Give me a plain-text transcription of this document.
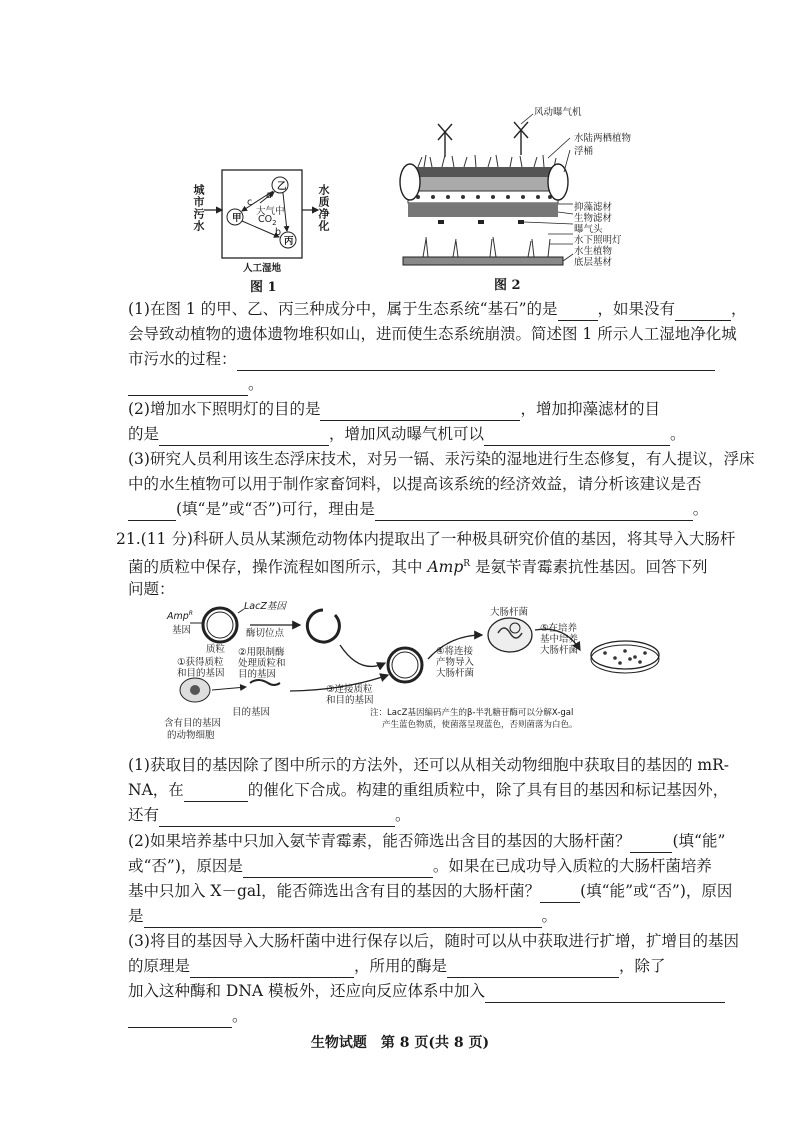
城市污水	水质净化
乙
甲
丙
大气中
$CO_2$
a
b
c
人工湿地
图 1
风动曝气机
水陆两栖植物
浮桶
抑藻滤材
生物滤材
曝气头
水下照明灯
水生植物
底层基材
图 2
(1)在图 1 的甲、乙、丙三种成分中，属于生态系统“基石”的是	，如果没有	，
会导致动植物的遗体遗物堆积如山，进而使生态系统崩溃。简述图 1 所示人工湿地净化城
市污水的过程：
。
(2)增加水下照明灯的目的是	，增加抑藻滤材的目
的是	，增加风动曝气机可以	。
(3)研究人员利用该生态浮床技术，对另一镉、汞污染的湿地进行生态修复，有人提议，浮床
中的水生植物可以用于制作家畜饲料，以提高该系统的经济效益，请分析该建议是否
(填“是”或“否”)可行，理由是	。
21.(11 分)科研人员从某濒危动物体内提取出了一种极具研究价值的基因，将其导入大肠杆
菌的质粒中保存，操作流程如图所示，其中 Amp$^R$ 是氨苄青霉素抗性基因。回答下列
问题：
Amp$^R$
基因
LacZ基因
酶切位点
质粒
①获得质粒
和目的基因
②用限制酶
处理质粒和
目的基因
目的基因
含有目的基因
的动物细胞
③连接质粒
和目的基因
④将连接
产物导入
大肠杆菌
大肠杆菌
⑤在培养
基中培养
大肠杆菌
注：LacZ基因编码产生的β-半乳糖苷酶可以分解X-gal
产生蓝色物质，使菌落呈现蓝色，否则菌落为白色。
(1)获取目的基因除了图中所示的方法外，还可以从相关动物细胞中获取目的基因的 mR-
NA，在	的催化下合成。构建的重组质粒中，除了具有目的基因和标记基因外，
还有	。
(2)如果培养基中只加入氨苄青霉素，能否筛选出含目的基因的大肠杆菌？	(填“能”
或“否”)，原因是	。如果在已成功导入质粒的大肠杆菌培养
基中只加入 X－gal，能否筛选出含有目的基因的大肠杆菌？	(填“能”或“否”)，原因
是	。
(3)将目的基因导入大肠杆菌中进行保存以后，随时可以从中获取进行扩增，扩增目的基因
的原理是	，所用的酶是	，除了
加入这种酶和 DNA 模板外，还应向反应体系中加入
。
生物试题　第 8 页(共 8 页)
